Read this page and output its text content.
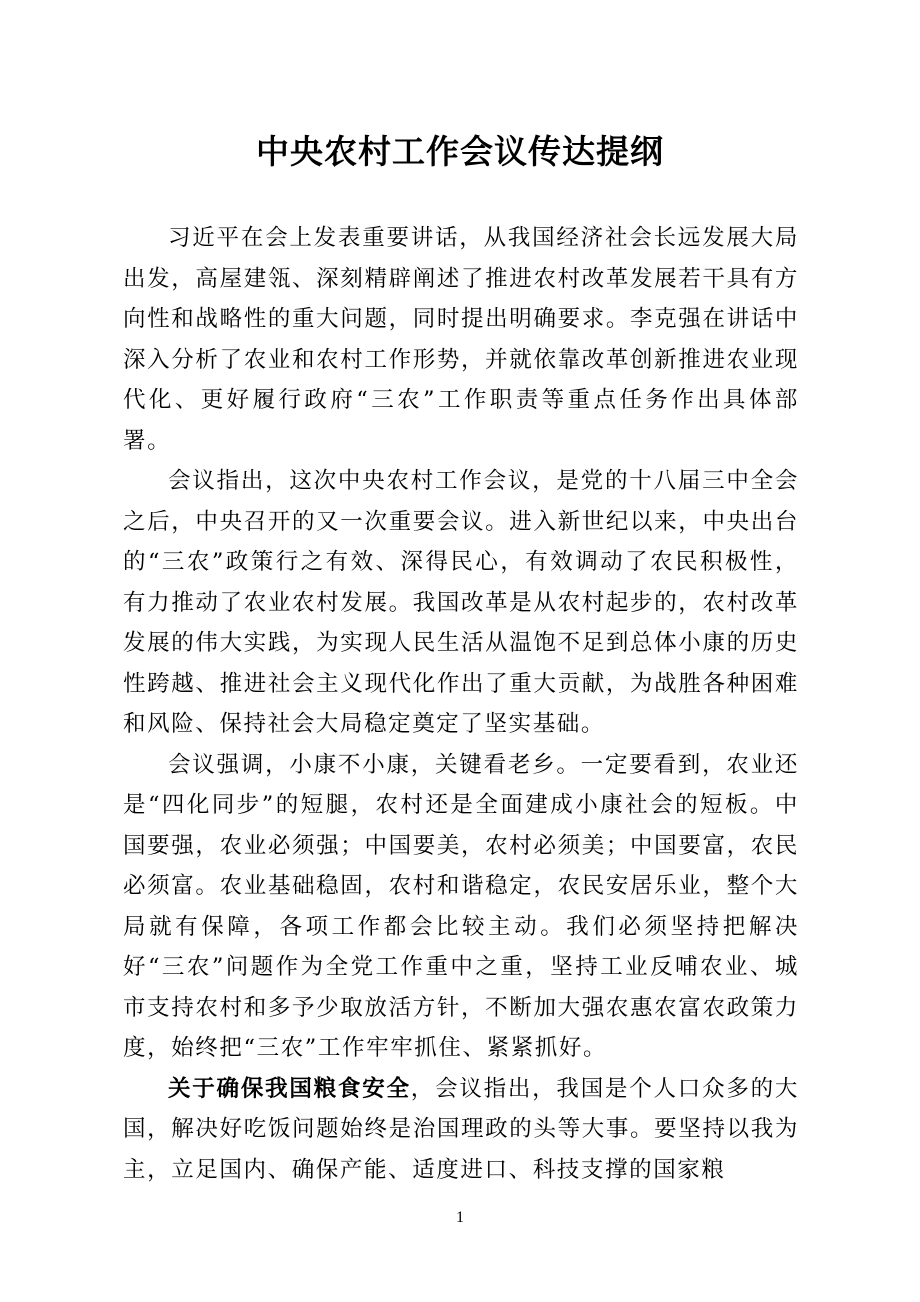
中央农村工作会议传达提纲

习近平在会上发表重要讲话，从我国经济社会长远发展大局出发，高屋建瓴、深刻精辟阐述了推进农村改革发展若干具有方向性和战略性的重大问题，同时提出明确要求。李克强在讲话中深入分析了农业和农村工作形势，并就依靠改革创新推进农业现代化、更好履行政府“三农”工作职责等重点任务作出具体部署。

会议指出，这次中央农村工作会议，是党的十八届三中全会之后，中央召开的又一次重要会议。进入新世纪以来，中央出台的“三农”政策行之有效、深得民心，有效调动了农民积极性，有力推动了农业农村发展。我国改革是从农村起步的，农村改革发展的伟大实践，为实现人民生活从温饱不足到总体小康的历史性跨越、推进社会主义现代化作出了重大贡献，为战胜各种困难和风险、保持社会大局稳定奠定了坚实基础。

会议强调，小康不小康，关键看老乡。一定要看到，农业还是“四化同步”的短腿，农村还是全面建成小康社会的短板。中国要强，农业必须强；中国要美，农村必须美；中国要富，农民必须富。农业基础稳固，农村和谐稳定，农民安居乐业，整个大局就有保障，各项工作都会比较主动。我们必须坚持把解决好“三农”问题作为全党工作重中之重，坚持工业反哺农业、城市支持农村和多予少取放活方针，不断加大强农惠农富农政策力度，始终把“三农”工作牢牢抓住、紧紧抓好。

关于确保我国粮食安全，会议指出，我国是个人口众多的大国，解决好吃饭问题始终是治国理政的头等大事。要坚持以我为主，立足国内、确保产能、适度进口、科技支撑的国家粮

1
